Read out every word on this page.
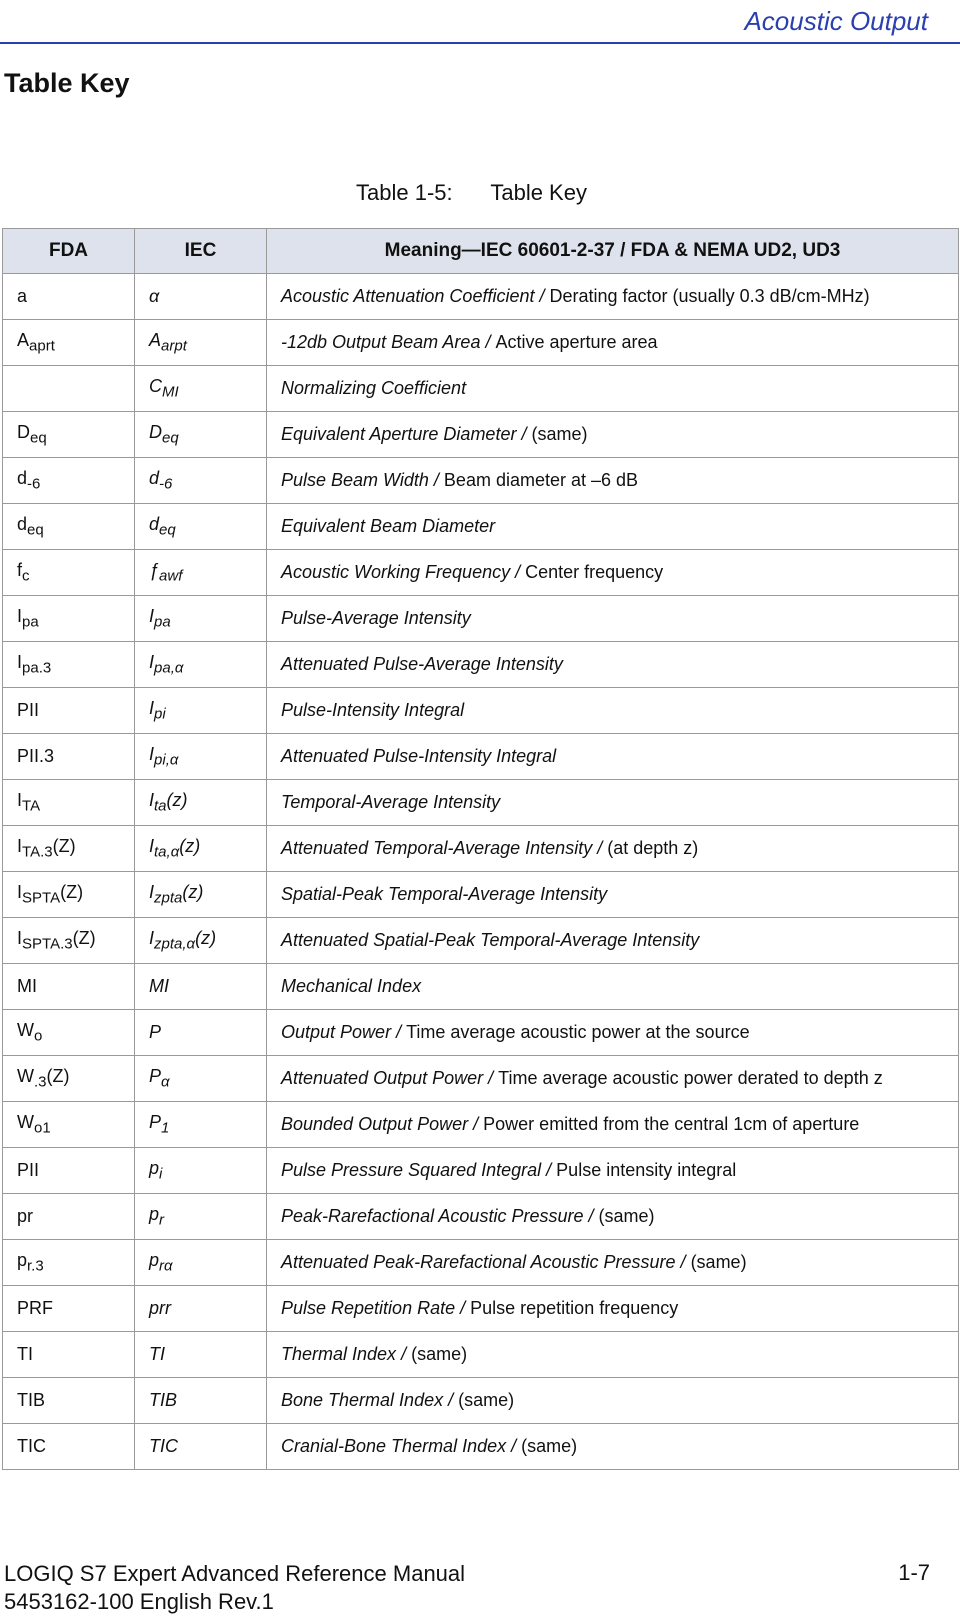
Acoustic Output
Table Key
Table 1-5: Table Key
FDA	IEC	Meaning—IEC 60601-2-37 / FDA & NEMA UD2, UD3
a	α	Acoustic Attenuation Coefficient / Derating factor (usually 0.3 dB/cm-MHz)
$A_{aprt}$	$A_{arpt}$	-12db Output Beam Area / Active aperture area
	$C_{MI}$	Normalizing Coefficient
$D_{eq}$	$D_{eq}$	Equivalent Aperture Diameter / (same)
$d_{-6}$	$d_{-6}$	Pulse Beam Width / Beam diameter at –6 dB
$d_{eq}$	$d_{eq}$	Equivalent Beam Diameter
$f_c$	$ƒ_{awf}$	Acoustic Working Frequency / Center frequency
$I_{pa}$	$I_{pa}$	Pulse-Average Intensity
$I_{pa.3}$	$I_{pa,\alpha}$	Attenuated Pulse-Average Intensity
PII	$I_{pi}$	Pulse-Intensity Integral
PII.3	$I_{pi,\alpha}$	Attenuated Pulse-Intensity Integral
$I_{TA}$	$I_{ta}(z)$	Temporal-Average Intensity
$I_{TA.3}(Z)$	$I_{ta,\alpha}(z)$	Attenuated Temporal-Average Intensity / (at depth z)
$I_{SPTA}(Z)$	$I_{zpta}(z)$	Spatial-Peak Temporal-Average Intensity
$I_{SPTA.3}(Z)$	$I_{zpta,\alpha}(z)$	Attenuated Spatial-Peak Temporal-Average Intensity
MI	MI	Mechanical Index
$W_o$	P	Output Power / Time average acoustic power at the source
$W_{.3}(Z)$	$P_\alpha$	Attenuated Output Power / Time average acoustic power derated to depth z
$W_{o1}$	$P_1$	Bounded Output Power / Power emitted from the central 1cm of aperture
PII	$p_i$	Pulse Pressure Squared Integral / Pulse intensity integral
pr	$p_r$	Peak-Rarefactional Acoustic Pressure / (same)
$p_{r.3}$	$p_{r\alpha}$	Attenuated Peak-Rarefactional Acoustic Pressure / (same)
PRF	prr	Pulse Repetition Rate / Pulse repetition frequency
TI	TI	Thermal Index / (same)
TIB	TIB	Bone Thermal Index / (same)
TIC	TIC	Cranial-Bone Thermal Index / (same)
LOGIQ S7 Expert Advanced Reference Manual
5453162-100 English Rev.1
1-7
